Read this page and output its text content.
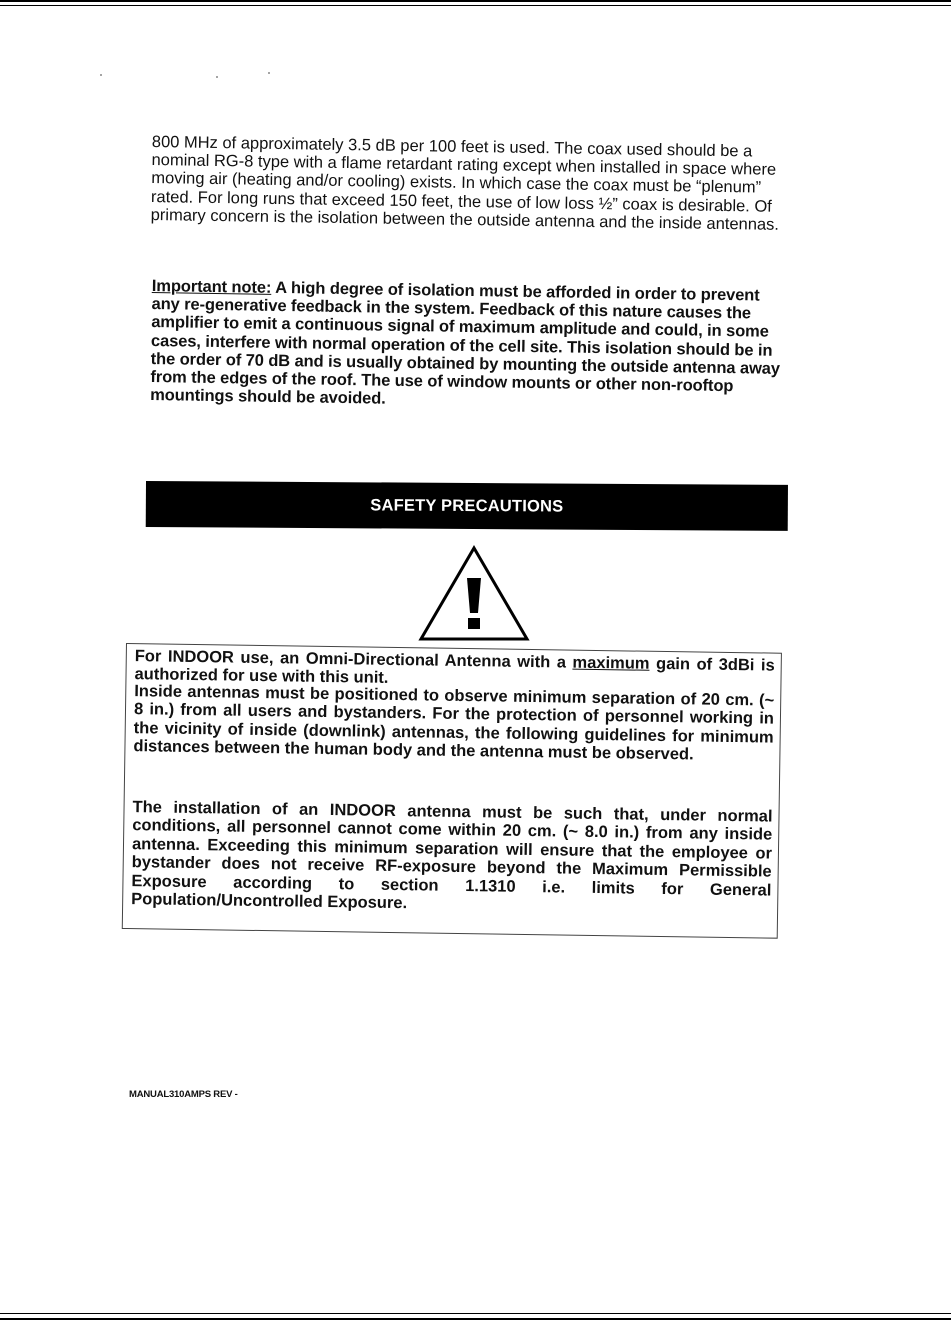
800 MHz of approximately 3.5 dB per 100 feet is used. The coax used should be a nominal RG-8 type with a flame retardant rating except when installed in space where moving air (heating and/or cooling) exists. In which case the coax must be “plenum” rated. For long runs that exceed 150 feet, the use of low loss ½” coax is desirable. Of primary concern is the isolation between the outside antenna and the inside antennas.

Important note: A high degree of isolation must be afforded in order to prevent any re-generative feedback in the system. Feedback of this nature causes the amplifier to emit a continuous signal of maximum amplitude and could, in some cases, interfere with normal operation of the cell site. This isolation should be in the order of 70 dB and is usually obtained by mounting the outside antenna away from the edges of the roof. The use of window mounts or other non-rooftop mountings should be avoided.

SAFETY PRECAUTIONS

For INDOOR use, an Omni-Directional Antenna with a maximum gain of 3dBi is authorized for use with this unit.

Inside antennas must be positioned to observe minimum separation of 20 cm. (~ 8 in.) from all users and bystanders. For the protection of personnel working in the vicinity of inside (downlink) antennas, the following guidelines for minimum distances between the human body and the antenna must be observed.

The installation of an INDOOR antenna must be such that, under normal conditions, all personnel cannot come within 20 cm. (~ 8.0 in.) from any inside antenna. Exceeding this minimum separation will ensure that the employee or bystander does not receive RF-exposure beyond the Maximum Permissible Exposure according to section 1.1310 i.e. limits for General Population/Uncontrolled Exposure.

MANUAL310AMPS REV -
